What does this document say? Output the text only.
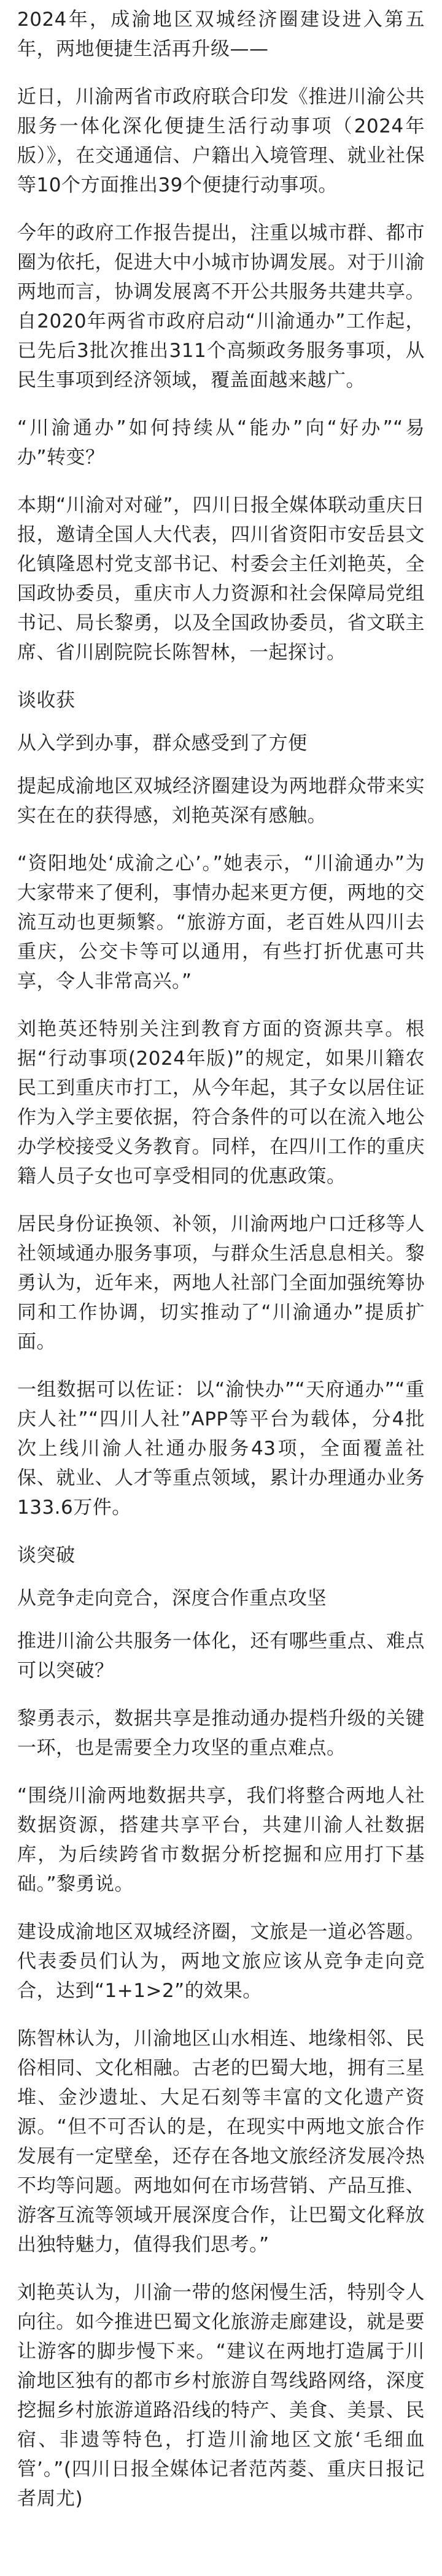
2024年，成渝地区双城经济圈建设进入第五年，两地便捷生活再升级——

近日，川渝两省市政府联合印发《推进川渝公共服务一体化深化便捷生活行动事项（2024年版）》，在交通通信、户籍出入境管理、就业社保等10个方面推出39个便捷行动事项。

今年的政府工作报告提出，注重以城市群、都市圈为依托，促进大中小城市协调发展。对于川渝两地而言，协调发展离不开公共服务共建共享。自2020年两省市政府启动“川渝通办”工作起，已先后3批次推出311个高频政务服务事项，从民生事项到经济领域，覆盖面越来越广。

“川渝通办”如何持续从“能办”向“好办”“易办”转变？

本期“川渝对对碰”，四川日报全媒体联动重庆日报，邀请全国人大代表，四川省资阳市安岳县文化镇隆恩村党支部书记、村委会主任刘艳英，全国政协委员，重庆市人力资源和社会保障局党组书记、局长黎勇，以及全国政协委员，省文联主席、省川剧院院长陈智林，一起探讨。

谈收获

从入学到办事，群众感受到了方便

提起成渝地区双城经济圈建设为两地群众带来实实在在的获得感，刘艳英深有感触。

“资阳地处‘成渝之心’。”她表示，“川渝通办”为大家带来了便利，事情办起来更方便，两地的交流互动也更频繁。“旅游方面，老百姓从四川去重庆，公交卡等可以通用，有些打折优惠可共享，令人非常高兴。”

刘艳英还特别关注到教育方面的资源共享。根据“行动事项(2024年版)”的规定，如果川籍农民工到重庆市打工，从今年起，其子女以居住证作为入学主要依据，符合条件的可以在流入地公办学校接受义务教育。同样，在四川工作的重庆籍人员子女也可享受相同的优惠政策。

居民身份证换领、补领，川渝两地户口迁移等人社领域通办服务事项，与群众生活息息相关。黎勇认为，近年来，两地人社部门全面加强统筹协同和工作协调，切实推动了“川渝通办”提质扩面。

一组数据可以佐证：以“渝快办”“天府通办”“重庆人社”“四川人社”APP等平台为载体，分4批次上线川渝人社通办服务43项，全面覆盖社保、就业、人才等重点领域，累计办理通办业务133.6万件。

谈突破

从竞争走向竞合，深度合作重点攻坚

推进川渝公共服务一体化，还有哪些重点、难点可以突破？

黎勇表示，数据共享是推动通办提档升级的关键一环，也是需要全力攻坚的重点难点。

“围绕川渝两地数据共享，我们将整合两地人社数据资源，搭建共享平台，共建川渝人社数据库，为后续跨省市数据分析挖掘和应用打下基础。”黎勇说。

建设成渝地区双城经济圈，文旅是一道必答题。代表委员们认为，两地文旅应该从竞争走向竞合，达到“1+1>2”的效果。

陈智林认为，川渝地区山水相连、地缘相邻、民俗相同、文化相融。古老的巴蜀大地，拥有三星堆、金沙遗址、大足石刻等丰富的文化遗产资源。“但不可否认的是，在现实中两地文旅合作发展有一定壁垒，还存在各地文旅经济发展冷热不均等问题。两地如何在市场营销、产品互推、游客互流等领域开展深度合作，让巴蜀文化释放出独特魅力，值得我们思考。”

刘艳英认为，川渝一带的悠闲慢生活，特别令人向往。如今推进巴蜀文化旅游走廊建设，就是要让游客的脚步慢下来。“建议在两地打造属于川渝地区独有的都市乡村旅游自驾线路网络，深度挖掘乡村旅游道路沿线的特产、美食、美景、民宿、非遗等特色，打造川渝地区文旅‘毛细血管’。”(四川日报全媒体记者范芮菱、重庆日报记者周尤)
